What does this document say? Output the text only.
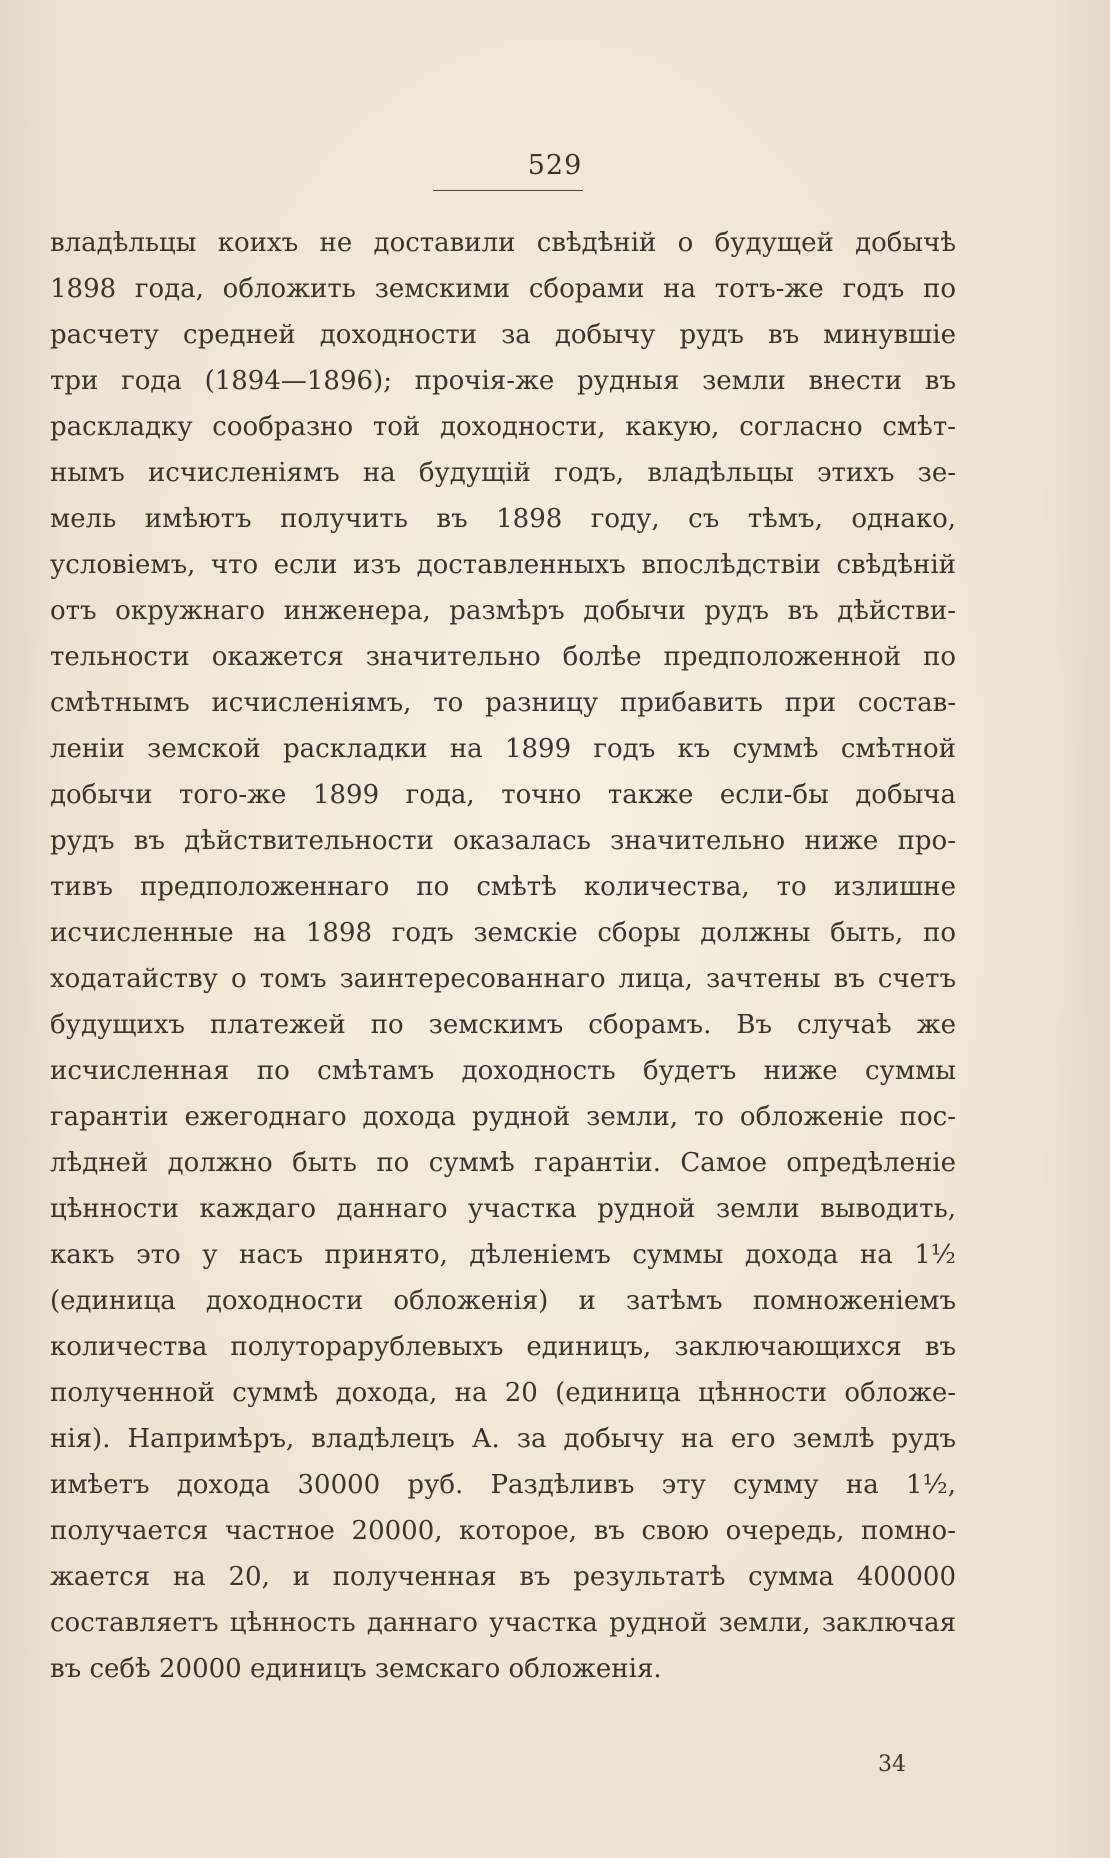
529
владѣльцы коихъ не доставили свѣдѣній о будущей добычѣ
1898 года, обложить земскими сборами на тотъ-же годъ по
расчету средней доходности за добычу рудъ въ минувшіе
три года (1894—1896); прочія-же рудныя земли внести въ
раскладку сообразно той доходности, какую, согласно смѣт-
нымъ исчисленіямъ на будущій годъ, владѣльцы этихъ зе-
мель имѣютъ получить въ 1898 году, съ тѣмъ, однако,
условіемъ, что если изъ доставленныхъ впослѣдствіи свѣдѣній
отъ окружнаго инженера, размѣръ добычи рудъ въ дѣйстви-
тельности окажется значительно болѣе предположенной по
смѣтнымъ исчисленіямъ, то разницу прибавить при состав-
леніи земской раскладки на 1899 годъ къ суммѣ смѣтной
добычи того-же 1899 года, точно также если-бы добыча
рудъ въ дѣйствительности оказалась значительно ниже про-
тивъ предположеннаго по смѣтѣ количества, то излишне
исчисленные на 1898 годъ земскіе сборы должны быть, по
ходатайству о томъ заинтересованнаго лица, зачтены въ счетъ
будущихъ платежей по земскимъ сборамъ. Въ случаѣ же
исчисленная по смѣтамъ доходность будетъ ниже суммы
гарантіи ежегоднаго дохода рудной земли, то обложеніе пос-
лѣдней должно быть по суммѣ гарантіи. Самое опредѣленіе
цѣнности каждаго даннаго участка рудной земли выводить,
какъ это у насъ принято, дѣленіемъ суммы дохода на 1½
(единица доходности обложенія) и затѣмъ помноженіемъ
количества полуторарублевыхъ единицъ, заключающихся въ
полученной суммѣ дохода, на 20 (единица цѣнности обложе-
нія). Напримѣръ, владѣлецъ А. за добычу на его землѣ рудъ
имѣетъ дохода 30000 руб. Раздѣливъ эту сумму на 1½,
получается частное 20000, которое, въ свою очередь, помно-
жается на 20, и полученная въ результатѣ сумма 400000
составляетъ цѣнность даннаго участка рудной земли, заключая
въ себѣ 20000 единицъ земскаго обложенія.
34
